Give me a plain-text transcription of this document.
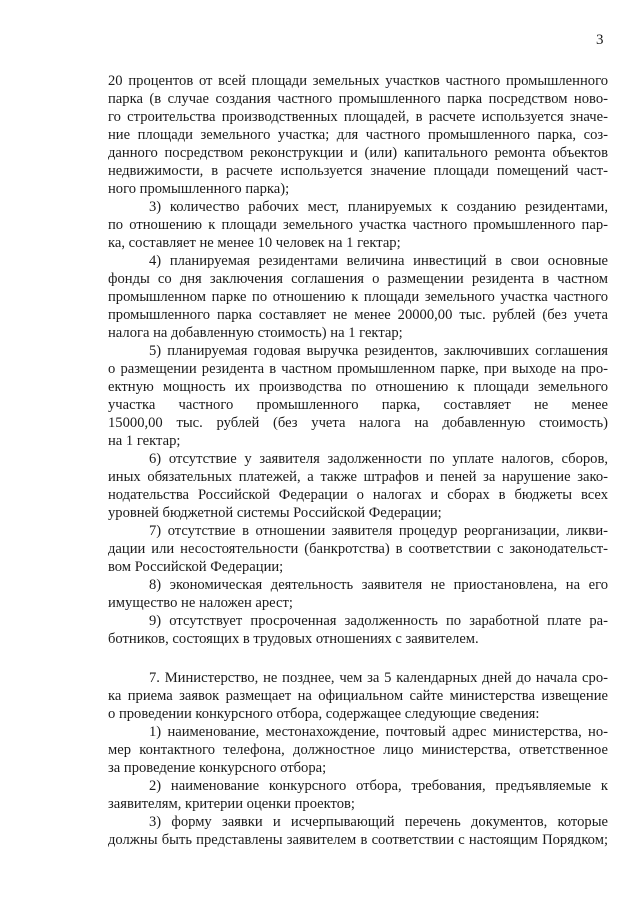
3
20 процентов от всей площади земельных участков частного промышленного
парка (в случае создания частного промышленного парка посредством ново-
го строительства производственных площадей, в расчете используется значе-
ние площади земельного участка; для частного промышленного парка, соз-
данного посредством реконструкции и (или) капитального ремонта объектов
недвижимости, в расчете используется значение площади помещений част-
ного промышленного парка);
3) количество рабочих мест, планируемых к созданию резидентами,
по отношению к площади земельного участка частного промышленного пар-
ка, составляет не менее 10 человек на 1 гектар;
4) планируемая резидентами величина инвестиций в свои основные
фонды со дня заключения соглашения о размещении резидента в частном
промышленном парке по отношению к площади земельного участка частного
промышленного парка составляет не менее 20000,00 тыс. рублей (без учета
налога на добавленную стоимость) на 1 гектар;
5) планируемая годовая выручка резидентов, заключивших соглашения
о размещении резидента в частном промышленном парке, при выходе на про-
ектную мощность их производства по отношению к площади земельного
участка частного промышленного парка, составляет не менее
15000,00 тыс. рублей (без учета налога на добавленную стоимость)
на 1 гектар;
6) отсутствие у заявителя задолженности по уплате налогов, сборов,
иных обязательных платежей, а также штрафов и пеней за нарушение зако-
нодательства Российской Федерации о налогах и сборах в бюджеты всех
уровней бюджетной системы Российской Федерации;
7) отсутствие в отношении заявителя процедур реорганизации, ликви-
дации или несостоятельности (банкротства) в соответствии с законодательст-
вом Российской Федерации;
8) экономическая деятельность заявителя не приостановлена, на его
имущество не наложен арест;
9) отсутствует просроченная задолженность по заработной плате ра-
ботников, состоящих в трудовых отношениях с заявителем.
7. Министерство, не позднее, чем за 5 календарных дней до начала сро-
ка приема заявок размещает на официальном сайте министерства извещение
о проведении конкурсного отбора, содержащее следующие сведения:
1) наименование, местонахождение, почтовый адрес министерства, но-
мер контактного телефона, должностное лицо министерства, ответственное
за проведение конкурсного отбора;
2) наименование конкурсного отбора, требования, предъявляемые к
заявителям, критерии оценки проектов;
3) форму заявки и исчерпывающий перечень документов, которые
должны быть представлены заявителем в соответствии с настоящим Порядком;
